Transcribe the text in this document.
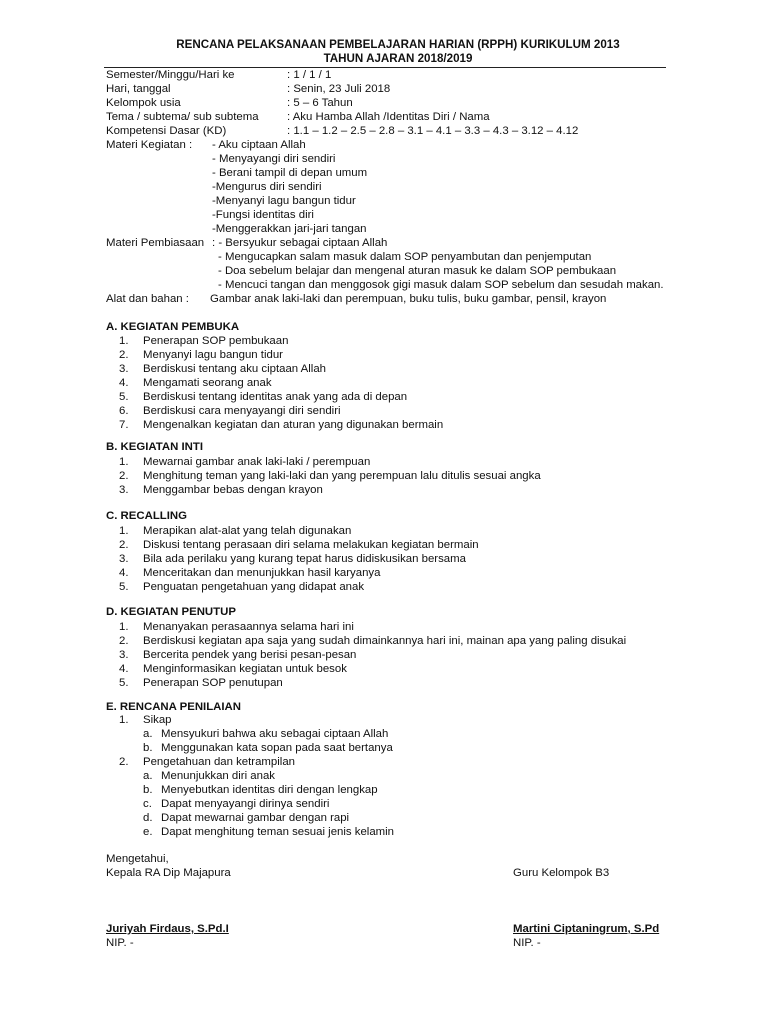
RENCANA PELAKSANAAN PEMBELAJARAN HARIAN (RPPH) KURIKULUM 2013
TAHUN AJARAN 2018/2019
Semester/Minggu/Hari ke	: 1 / 1 / 1
Hari, tanggal	: Senin, 23 Juli 2018
Kelompok usia	: 5 – 6 Tahun
Tema / subtema/ sub subtema : Aku Hamba Allah /Identitas Diri / Nama
Kompetensi Dasar (KD)	: 1.1 – 1.2 – 2.5 – 2.8 – 3.1 – 4.1 – 3.3 – 4.3 – 3.12 – 4.12
Materi Kegiatan : - Aku ciptaan Allah
- Menyayangi diri sendiri
- Berani tampil di depan umum
-Mengurus diri sendiri
-Menyanyi lagu bangun tidur
-Fungsi identitas diri
-Menggerakkan jari-jari tangan
Materi Pembiasaan : - Bersyukur sebagai ciptaan Allah
- Mengucapkan salam masuk dalam SOP penyambutan dan penjemputan
- Doa sebelum belajar dan mengenal aturan masuk ke dalam SOP pembukaan
- Mencuci tangan dan menggosok gigi masuk dalam SOP sebelum dan sesudah makan.
Alat dan bahan : Gambar anak laki-laki dan perempuan, buku tulis, buku gambar, pensil, krayon
A. KEGIATAN PEMBUKA
1. Penerapan SOP pembukaan
2. Menyanyi lagu bangun tidur
3. Berdiskusi tentang aku ciptaan Allah
4. Mengamati seorang anak
5. Berdiskusi tentang identitas anak yang ada di depan
6. Berdiskusi cara menyayangi diri sendiri
7. Mengenalkan kegiatan dan aturan yang digunakan bermain
B. KEGIATAN INTI
1. Mewarnai gambar anak laki-laki / perempuan
2. Menghitung teman yang laki-laki dan yang perempuan lalu ditulis sesuai angka
3. Menggambar bebas dengan krayon
C. RECALLING
1. Merapikan alat-alat yang telah digunakan
2. Diskusi tentang perasaan diri selama melakukan kegiatan bermain
3. Bila ada perilaku yang kurang tepat harus didiskusikan bersama
4. Menceritakan dan menunjukkan hasil karyanya
5. Penguatan pengetahuan yang didapat anak
D. KEGIATAN PENUTUP
1. Menanyakan perasaannya selama hari ini
2. Berdiskusi kegiatan apa saja yang sudah dimainkannya hari ini, mainan apa yang paling disukai
3. Bercerita pendek yang berisi pesan-pesan
4. Menginformasikan kegiatan untuk besok
5. Penerapan SOP penutupan
E. RENCANA PENILAIAN
1. Sikap
a. Mensyukuri bahwa aku sebagai ciptaan Allah
b. Menggunakan kata sopan pada saat bertanya
2. Pengetahuan dan ketrampilan
a. Menunjukkan diri anak
b. Menyebutkan identitas diri dengan lengkap
c. Dapat menyayangi dirinya sendiri
d. Dapat mewarnai gambar dengan rapi
e. Dapat menghitung teman sesuai jenis kelamin
Mengetahui,
Kepala RA Dip Majapura	Guru Kelompok B3
Juriyah Firdaus, S.Pd.I	Martini Ciptaningrum, S.Pd
NIP. -	NIP. -
